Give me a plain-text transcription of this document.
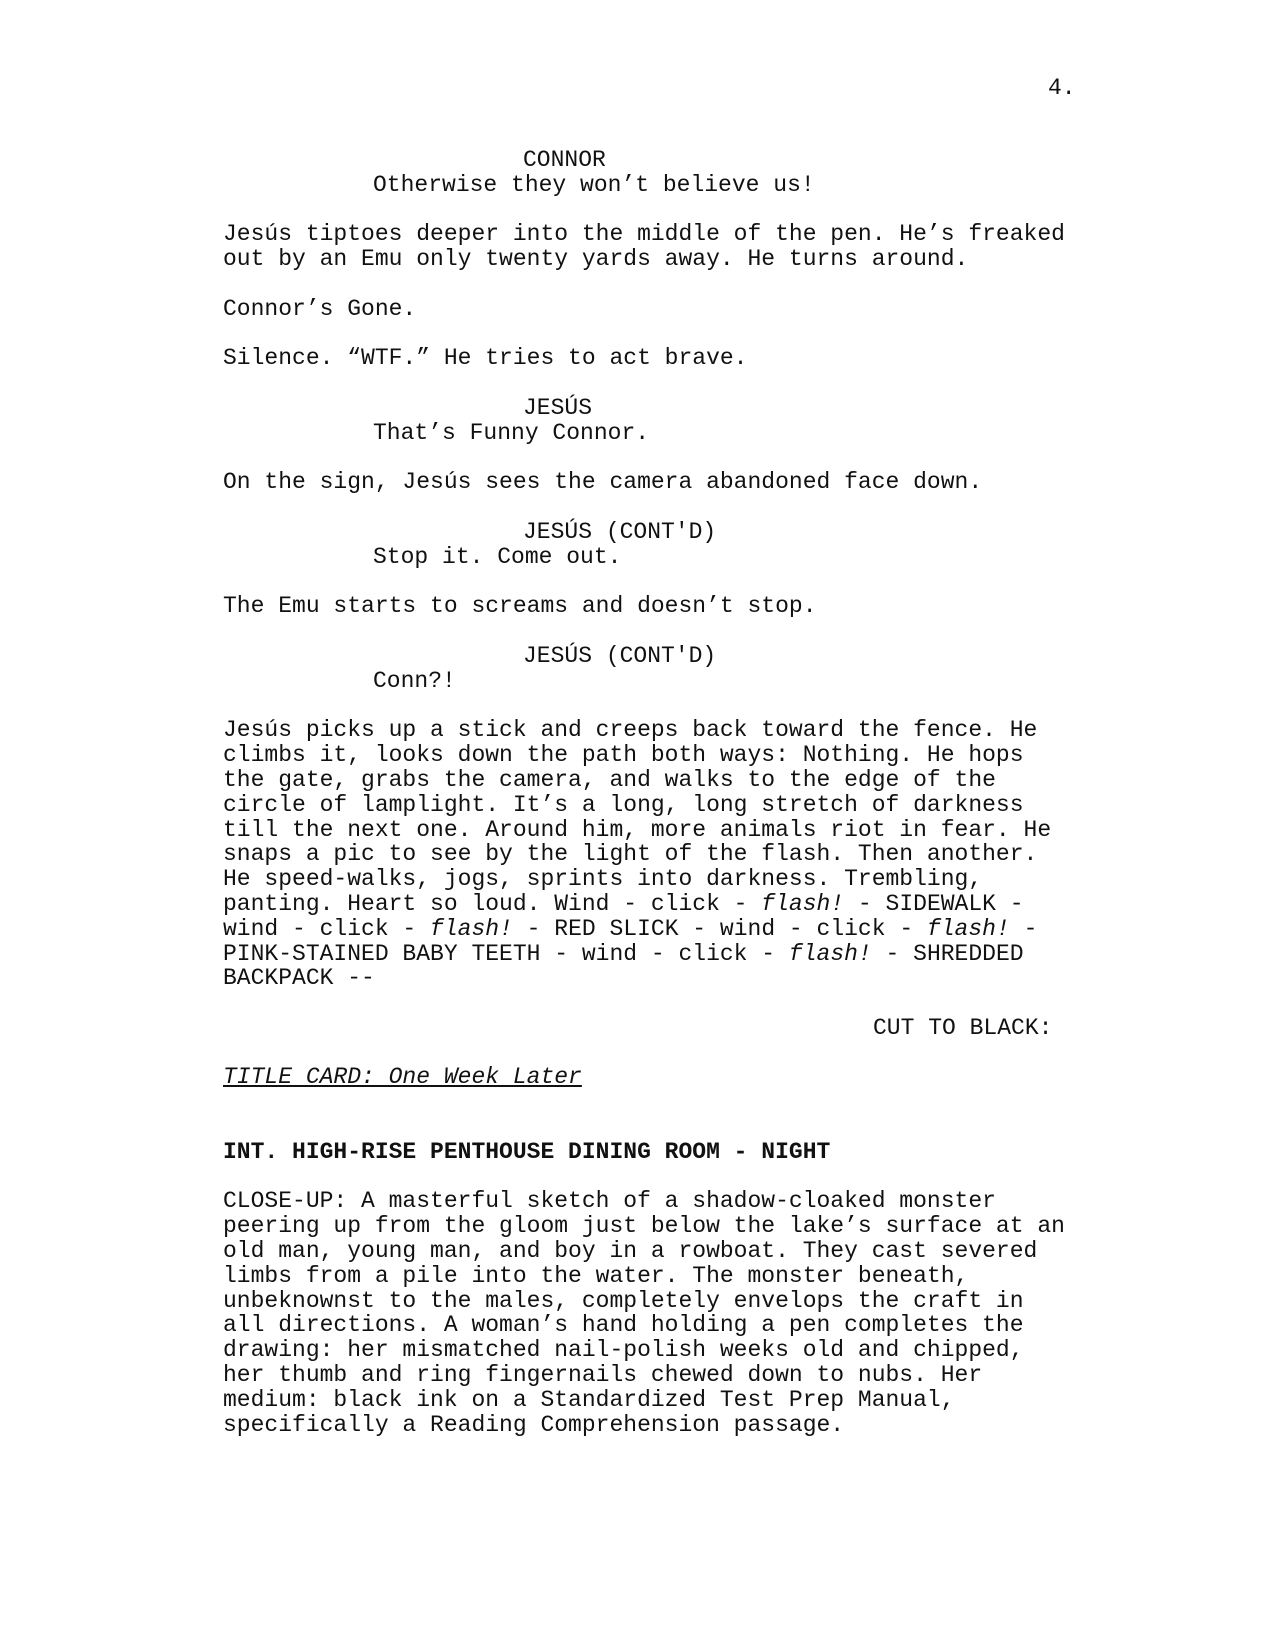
4.
CONNOR
Otherwise they won’t believe us!
Jesús tiptoes deeper into the middle of the pen. He’s freaked
out by an Emu only twenty yards away. He turns around.
Connor’s Gone.
Silence. “WTF.” He tries to act brave.
JESÚS
That’s Funny Connor.
On the sign, Jesús sees the camera abandoned face down.
JESÚS (CONT'D)
Stop it. Come out.
The Emu starts to screams and doesn’t stop.
JESÚS (CONT'D)
Conn?!
Jesús picks up a stick and creeps back toward the fence. He
climbs it, looks down the path both ways: Nothing. He hops
the gate, grabs the camera, and walks to the edge of the
circle of lamplight. It’s a long, long stretch of darkness
till the next one. Around him, more animals riot in fear. He
snaps a pic to see by the light of the flash. Then another.
He speed-walks, jogs, sprints into darkness. Trembling,
panting. Heart so loud. Wind - click - flash! - SIDEWALK -
wind - click - flash! - RED SLICK - wind - click - flash! -
PINK-STAINED BABY TEETH - wind - click - flash! - SHREDDED
BACKPACK --
CUT TO BLACK:
TITLE CARD: One Week Later
INT. HIGH-RISE PENTHOUSE DINING ROOM - NIGHT
CLOSE-UP: A masterful sketch of a shadow-cloaked monster
peering up from the gloom just below the lake’s surface at an
old man, young man, and boy in a rowboat. They cast severed
limbs from a pile into the water. The monster beneath,
unbeknownst to the males, completely envelops the craft in
all directions. A woman’s hand holding a pen completes the
drawing: her mismatched nail-polish weeks old and chipped,
her thumb and ring fingernails chewed down to nubs. Her
medium: black ink on a Standardized Test Prep Manual,
specifically a Reading Comprehension passage.
